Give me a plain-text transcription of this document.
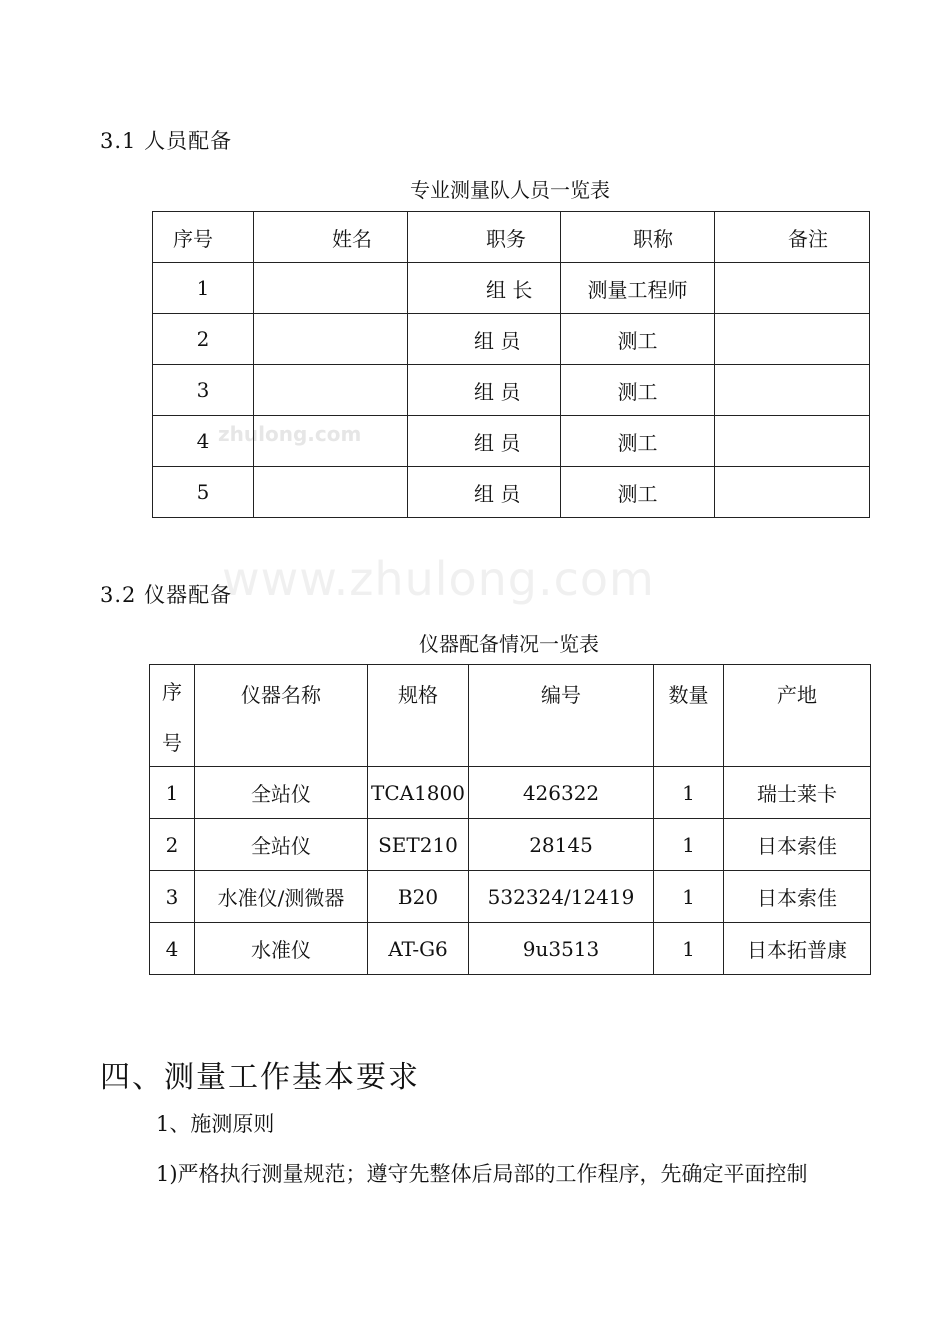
zhulong.com
www.zhulong.com
3.1 人员配备
专业测量队人员一览表
序号	姓名	职务	职称	备注
1		组 长	测量工程师	
2		组 员	测工	
3		组 员	测工	
4		组 员	测工	
5		组 员	测工	
3.2 仪器配备
仪器配备情况一览表
序
号	仪器名称	规格	编号	数量	产地
1	全站仪	TCA1800	426322	1	瑞士莱卡
2	全站仪	SET210	28145	1	日本索佳
3	水准仪/测微器	B20	532324/12419	1	日本索佳
4	水准仪	AT-G6	9u3513	1	日本拓普康
四、测量工作基本要求
1、施测原则
1)严格执行测量规范；遵守先整体后局部的工作程序，先确定平面控制
